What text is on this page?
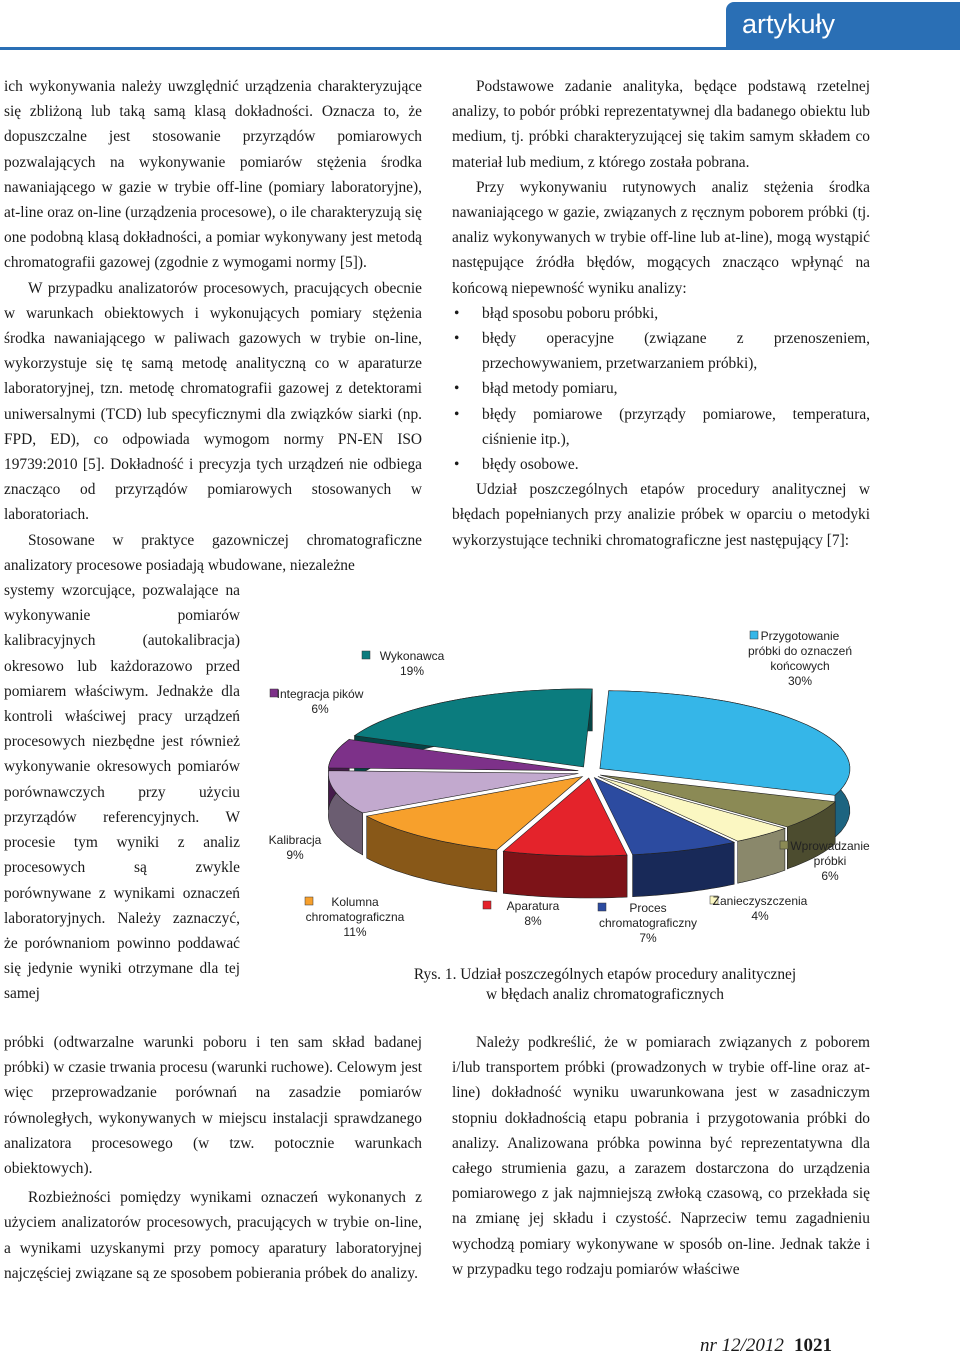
artykuły

ich wykonywania należy uwzględnić urządzenia charakteryzujące się zbliżoną lub taką samą klasą dokładności. Oznacza to, że dopuszczalne jest stosowanie przyrządów pomiarowych pozwalających na wykonywanie pomiarów stężenia środka nawaniającego w gazie w trybie off-line (pomiary laboratoryjne), at-line oraz on-line (urządzenia procesowe), o ile charakteryzują się one podobną klasą dokładności, a pomiar wykonywany jest metodą chromatografii gazowej (zgodnie z wymogami normy [5]).

W przypadku analizatorów procesowych, pracujących obecnie w warunkach obiektowych i wykonujących pomiary stężenia środka nawaniającego w paliwach gazowych w trybie on-line, wykorzystuje się tę samą metodę analityczną co w aparaturze laboratoryjnej, tzn. metodę chromatografii gazowej z detektorami uniwersalnymi (TCD) lub specyficznymi dla związków siarki (np. FPD, ED), co odpowiada wymogom normy PN-EN ISO 19739:2010 [5]. Dokładność i precyzja tych urządzeń nie odbiega znacząco od przyrządów pomiarowych stosowanych w laboratoriach.

Stosowane w praktyce gazowniczej chromatograficzne analizatory procesowe posiadają wbudowane, niezależne

systemy wzorcujące, pozwalające na wykonywanie pomiarów kalibracyjnych (autokalibracja) okresowo lub każdorazowo przed pomiarem właściwym. Jednakże dla kontroli właściwej pracy urządzeń procesowych niezbędne jest również wykonywanie okresowych pomiarów porównawczych przy użyciu przyrządów referencyjnych. W procesie tym wyniki z analiz procesowych są zwykle porównywane z wynikami oznaczeń laboratoryjnych. Należy zaznaczyć, że porównaniom powinno poddawać się jedynie wyniki otrzymane dla tej samej

próbki (odtwarzalne warunki poboru i ten sam skład badanej próbki) w czasie trwania procesu (warunki ruchowe). Celowym jest więc przeprowadzanie porównań na zasadzie pomiarów równoległych, wykonywanych w miejscu instalacji sprawdzanego analizatora procesowego (w tzw. potocznie warunkach obiektowych).

Rozbieżności pomiędzy wynikami oznaczeń wykonanych z użyciem analizatorów procesowych, pracujących w trybie on-line, a wynikami uzyskanymi przy pomocy aparatury laboratoryjnej najczęściej związane są ze sposobem pobierania próbek do analizy.

Podstawowe zadanie analityka, będące podstawą rzetelnej analizy, to pobór próbki reprezentatywnej dla badanego obiektu lub medium, tj. próbki charakteryzującej się takim samym składem co materiał lub medium, z którego została pobrana.

Przy wykonywaniu rutynowych analiz stężenia środka nawaniającego w gazie, związanych z ręcznym poborem próbki (tj. analiz wykonywanych w trybie off-line lub at-line), mogą wystąpić następujące źródła błędów, mogących znacząco wpłynąć na końcową niepewność wyniku analizy:

• błąd sposobu poboru próbki,
• błędy operacyjne (związane z przenoszeniem, przechowywaniem, przetwarzaniem próbki),
• błąd metody pomiaru,
• błędy pomiarowe (przyrządy pomiarowe, temperatura, ciśnienie itp.),
• błędy osobowe.

Udział poszczególnych etapów procedury analitycznej w błędach popełnianych przy analizie próbek w oparciu o metodyki wykorzystujące techniki chromatograficzne jest następujący [7]:

Przygotowanie
próbki do oznaczeń
końcowych
30%
Wprowadzanie
próbki
6%
Zanieczyszczenia
4%
Proces
chromatograficzny
7%
Aparatura
8%
Kolumna
chromatograficzna
11%
Kalibracja
9%
Integracja pików
6%
Wykonawca
19%
Rys. 1. Udział poszczególnych etapów procedury analitycznej
w błędach analiz chromatograficznych

Należy podkreślić, że w pomiarach związanych z poborem i/lub transportem próbki (prowadzonych w trybie off-line oraz at-line) dokładność wyniku uwarunkowana jest w zasadniczym stopniu dokładnością etapu pobrania i przygotowania próbki do analizy. Analizowana próbka powinna być reprezentatywna dla całego strumienia gazu, a zarazem dostarczona do urządzenia pomiarowego z jak najmniejszą zwłoką czasową, co przekłada się na zmianę jej składu i czystość. Naprzeciw temu zagadnieniu wychodzą pomiary wykonywane w sposób on-line. Jednak także i w przypadku tego rodzaju pomiarów właściwe

nr 12/2012 1021
